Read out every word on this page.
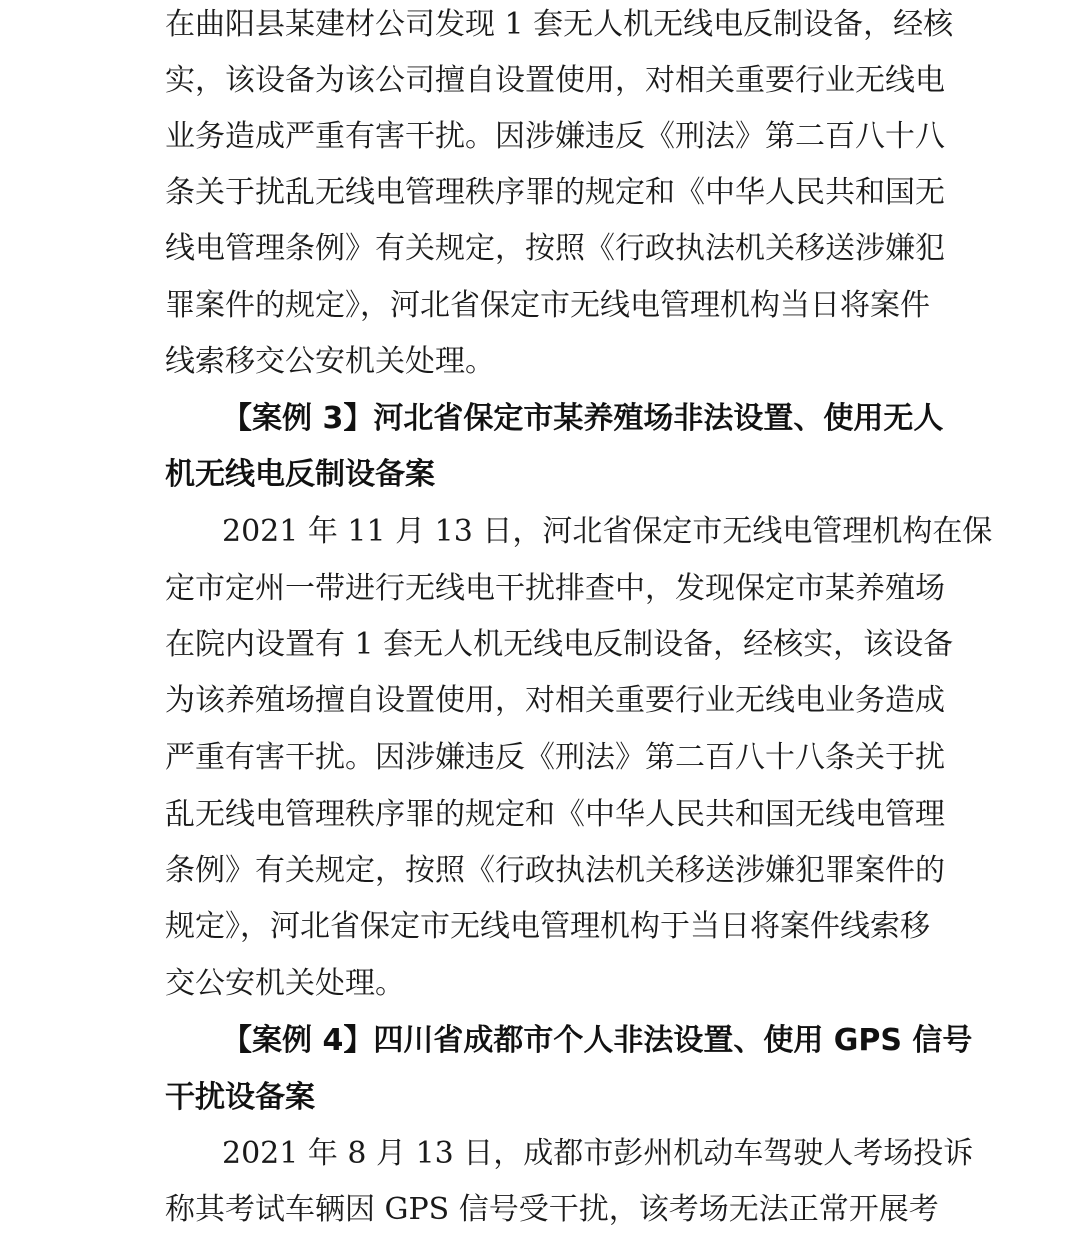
在曲阳县某建材公司发现 1 套无人机无线电反制设备，经核
实，该设备为该公司擅自设置使用，对相关重要行业无线电
业务造成严重有害干扰。因涉嫌违反《刑法》第二百八十八
条关于扰乱无线电管理秩序罪的规定和《中华人民共和国无
线电管理条例》有关规定，按照《行政执法机关移送涉嫌犯
罪案件的规定》，河北省保定市无线电管理机构当日将案件
线索移交公安机关处理。
【案例 3】河北省保定市某养殖场非法设置、使用无人
机无线电反制设备案
2021 年 11 月 13 日，河北省保定市无线电管理机构在保
定市定州一带进行无线电干扰排查中，发现保定市某养殖场
在院内设置有 1 套无人机无线电反制设备，经核实，该设备
为该养殖场擅自设置使用，对相关重要行业无线电业务造成
严重有害干扰。因涉嫌违反《刑法》第二百八十八条关于扰
乱无线电管理秩序罪的规定和《中华人民共和国无线电管理
条例》有关规定，按照《行政执法机关移送涉嫌犯罪案件的
规定》，河北省保定市无线电管理机构于当日将案件线索移
交公安机关处理。
【案例 4】四川省成都市个人非法设置、使用 GPS 信号
干扰设备案
2021 年 8 月 13 日，成都市彭州机动车驾驶人考场投诉
称其考试车辆因 GPS 信号受干扰，该考场无法正常开展考
